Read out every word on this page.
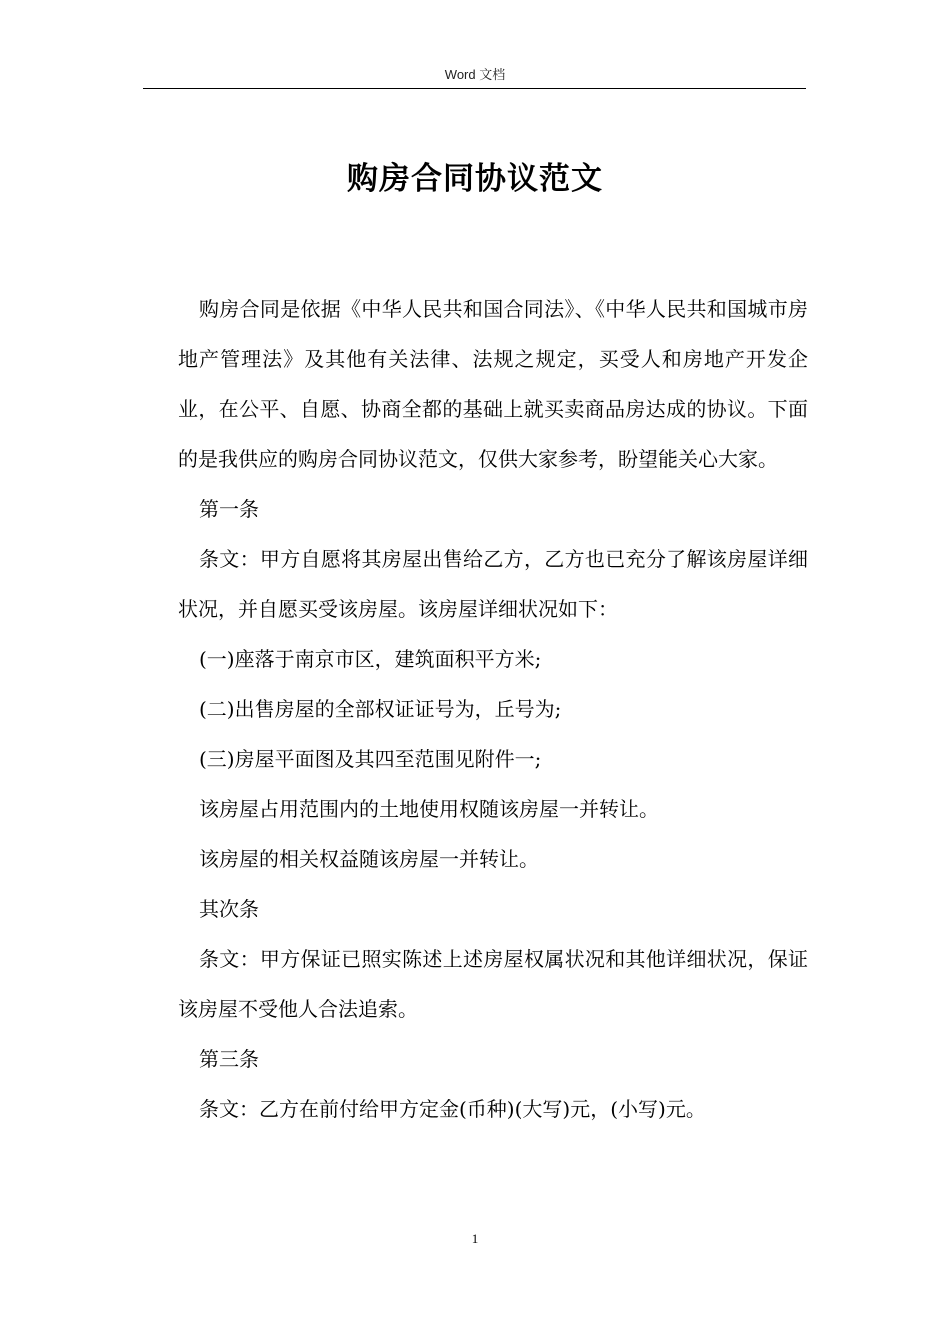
Word 文档
购房合同协议范文

购房合同是依据《中华人民共和国合同法》、《中华人民共和国城市房地产管理法》及其他有关法律、法规之规定，买受人和房地产开发企业，在公平、自愿、协商全都的基础上就买卖商品房达成的协议。下面的是我供应的购房合同协议范文，仅供大家参考，盼望能关心大家。

第一条

条文：甲方自愿将其房屋出售给乙方，乙方也已充分了解该房屋详细状况，并自愿买受该房屋。该房屋详细状况如下：

(一)座落于南京市区，建筑面积平方米;

(二)出售房屋的全部权证证号为，丘号为;

(三)房屋平面图及其四至范围见附件一;

该房屋占用范围内的土地使用权随该房屋一并转让。

该房屋的相关权益随该房屋一并转让。

其次条

条文：甲方保证已照实陈述上述房屋权属状况和其他详细状况，保证该房屋不受他人合法追索。

第三条

条文：乙方在前付给甲方定金(币种)(大写)元，(小写)元。

1
